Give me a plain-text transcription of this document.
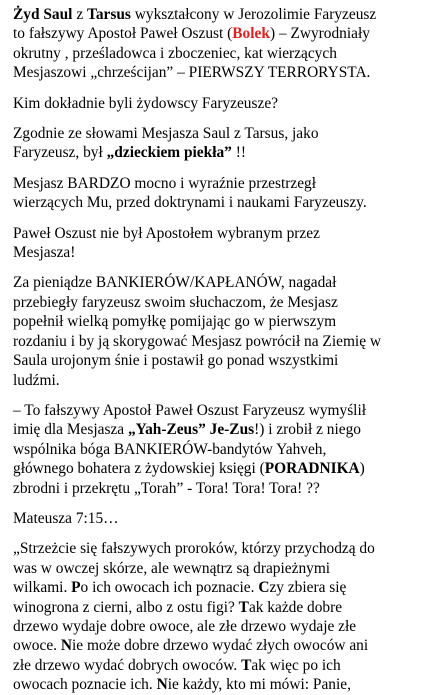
Żyd Saul z Tarsus wykształcony w Jerozolimie Faryzeusz
to fałszywy Apostoł Paweł Oszust (Bolek) – Zwyrodniały
okrutny , prześladowca i zboczeniec, kat wierzących
Mesjaszowi „chrześcijan” – PIERWSZY TERRORYSTA.
Kim dokładnie byli żydowscy Faryzeusze?
Zgodnie ze słowami Mesjasza Saul z Tarsus, jako
Faryzeusz, był „dzieckiem piekła” !!
Mesjasz BARDZO mocno i wyraźnie przestrzegł
wierzących Mu, przed doktrynami i naukami Faryzeuszy.
Paweł Oszust nie był Apostołem wybranym przez
Mesjasza!
Za pieniądze BANKIERÓW/KAPŁANÓW, nagadał
przebiegły faryzeusz swoim słuchaczom, że Mesjasz
popełnił wielką pomyłkę pomijając go w pierwszym
rozdaniu i by ją skorygować Mesjasz powrócił na Ziemię w
Saula urojonym śnie i postawił go ponad wszystkimi
ludźmi.
– To fałszywy Apostoł Paweł Oszust Faryzeusz wymyślił
imię dla Mesjasza „Yah-Zeus” Je-Zus!) i zrobił z niego
wspólnika bóga BANKIERÓW-bandytów Yahveh,
głównego bohatera z żydowskiej księgi (PORADNIKA)
zbrodni i przekrętu „Torah” - Tora! Tora! Tora! ??
Mateusza 7:15…
„Strzeżcie się fałszywych proroków, którzy przychodzą do
was w owczej skórze, ale wewnątrz są drapieżnymi
wilkami. Po ich owocach ich poznacie. Czy zbiera się
winogrona z cierni, albo z ostu figi? Tak każde dobre
drzewo wydaje dobre owoce, ale złe drzewo wydaje złe
owoce. Nie może dobre drzewo wydać złych owoców ani
złe drzewo wydać dobrych owoców. Tak więc po ich
owocach poznacie ich. Nie każdy, kto mi mówi: Panie,
